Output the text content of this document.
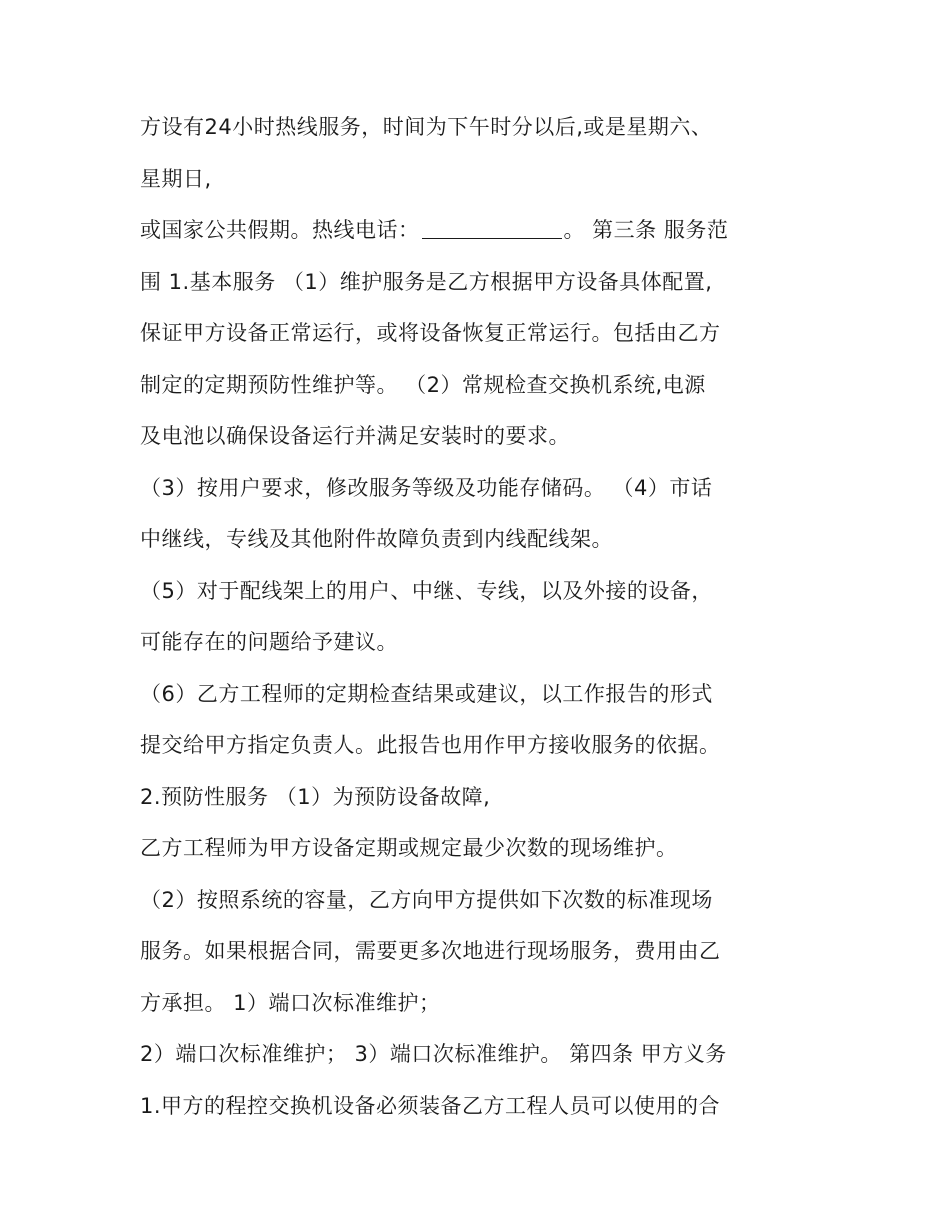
方设有24小时热线服务，时间为下午时分以后,或是星期六、
星期日,
或国家公共假期。热线电话：	。 第三条 服务范
围 1.基本服务 （1）维护服务是乙方根据甲方设备具体配置,
保证甲方设备正常运行，或将设备恢复正常运行。包括由乙方
制定的定期预防性维护等。 （2）常规检查交换机系统,电源
及电池以确保设备运行并满足安装时的要求。
（3）按用户要求，修改服务等级及功能存储码。 （4）市话
中继线，专线及其他附件故障负责到内线配线架。
（5）对于配线架上的用户、中继、专线，以及外接的设备，
可能存在的问题给予建议。
（6）乙方工程师的定期检查结果或建议，以工作报告的形式
提交给甲方指定负责人。此报告也用作甲方接收服务的依据。
2.预防性服务 （1）为预防设备故障,
乙方工程师为甲方设备定期或规定最少次数的现场维护。
（2）按照系统的容量，乙方向甲方提供如下次数的标准现场
服务。如果根据合同，需要更多次地进行现场服务，费用由乙
方承担。 1）端口次标准维护；
2）端口次标准维护； 3）端口次标准维护。 第四条 甲方义务
1.甲方的程控交换机设备必须装备乙方工程人员可以使用的合
